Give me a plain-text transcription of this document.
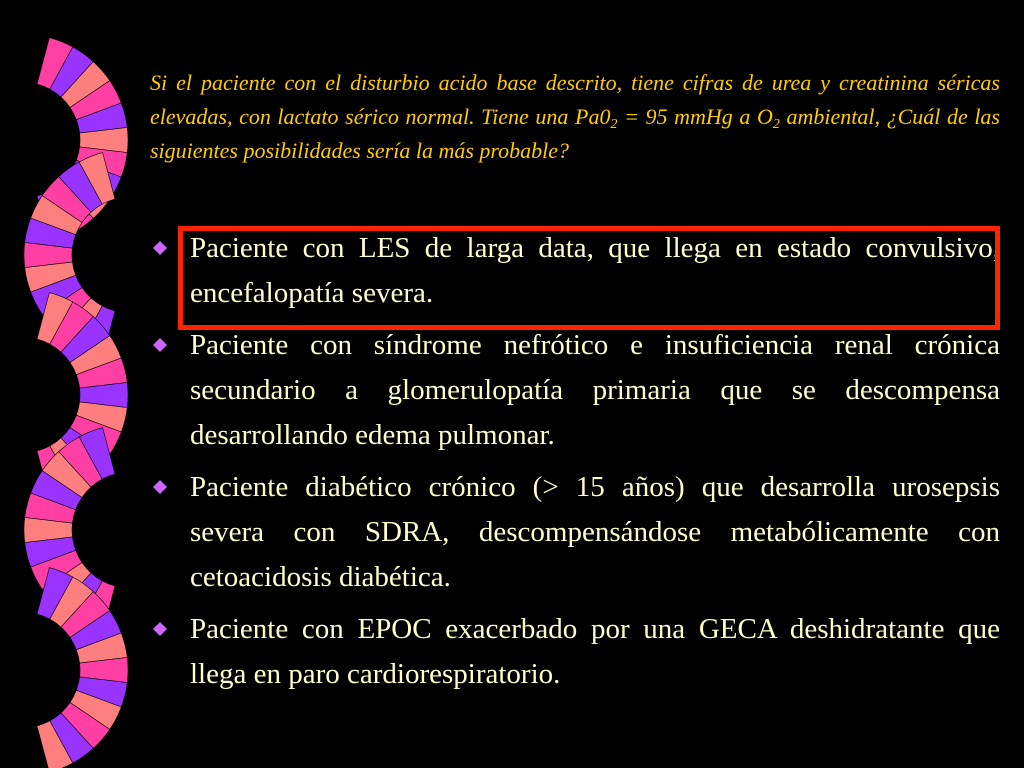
Si el paciente con el disturbio acido base descrito, tiene cifras de urea y creatinina séricas elevadas, con lactato sérico normal. Tiene una $Pa0_2 = 95$ mmHg a $O_2$ ambiental, ¿Cuál de las siguientes posibilidades sería la más probable?

Paciente con LES de larga data, que llega en estado convulsivo, encefalopatía severa.
Paciente con síndrome nefrótico e insuficiencia renal crónica secundario a glomerulopatía primaria que se descompensa desarrollando edema pulmonar.
Paciente diabético crónico (> 15 años) que desarrolla urosepsis severa con SDRA, descompensándose metabólicamente con cetoacidosis diabética.
Paciente con EPOC exacerbado por una GECA deshidratante que llega en paro cardiorespiratorio.
